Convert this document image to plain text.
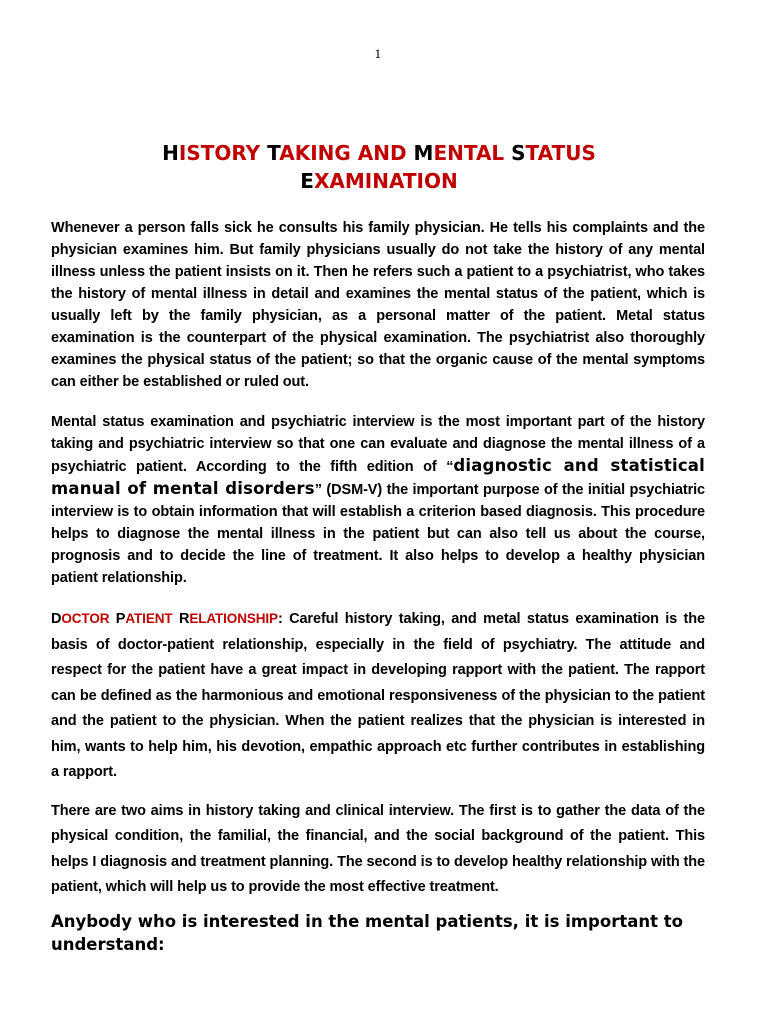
1
HISTORY TAKING AND MENTAL STATUS
EXAMINATION

Whenever a person falls sick he consults his family physician. He tells his complaints and the physician examines him. But family physicians usually do not take the history of any mental illness unless the patient insists on it. Then he refers such a patient to a psychiatrist, who takes the history of mental illness in detail and examines the mental status of the patient, which is usually left by the family physician, as a personal matter of the patient. Metal status examination is the counterpart of the physical examination. The psychiatrist also thoroughly examines the physical status of the patient; so that the organic cause of the mental symptoms can either be established or ruled out.

Mental status examination and psychiatric interview is the most important part of the history taking and psychiatric interview so that one can evaluate and diagnose the mental illness of a psychiatric patient. According to the fifth edition of “diagnostic and statistical manual of mental disorders” (DSM-V) the important purpose of the initial psychiatric interview is to obtain information that will establish a criterion based diagnosis. This procedure helps to diagnose the mental illness in the patient but can also tell us about the course, prognosis and to decide the line of treatment. It also helps to develop a healthy physician patient relationship.

DOCTOR PATIENT RELATIONSHIP: Careful history taking, and metal status examination is the basis of doctor-patient relationship, especially in the field of psychiatry. The attitude and respect for the patient have a great impact in developing rapport with the patient. The rapport can be defined as the harmonious and emotional responsiveness of the physician to the patient and the patient to the physician. When the patient realizes that the physician is interested in him, wants to help him, his devotion, empathic approach etc further contributes in establishing a rapport.

There are two aims in history taking and clinical interview. The first is to gather the data of the physical condition, the familial, the financial, and the social background of the patient. This helps I diagnosis and treatment planning. The second is to develop healthy relationship with the patient, which will help us to provide the most effective treatment.

Anybody who is interested in the mental patients, it is important to understand:
